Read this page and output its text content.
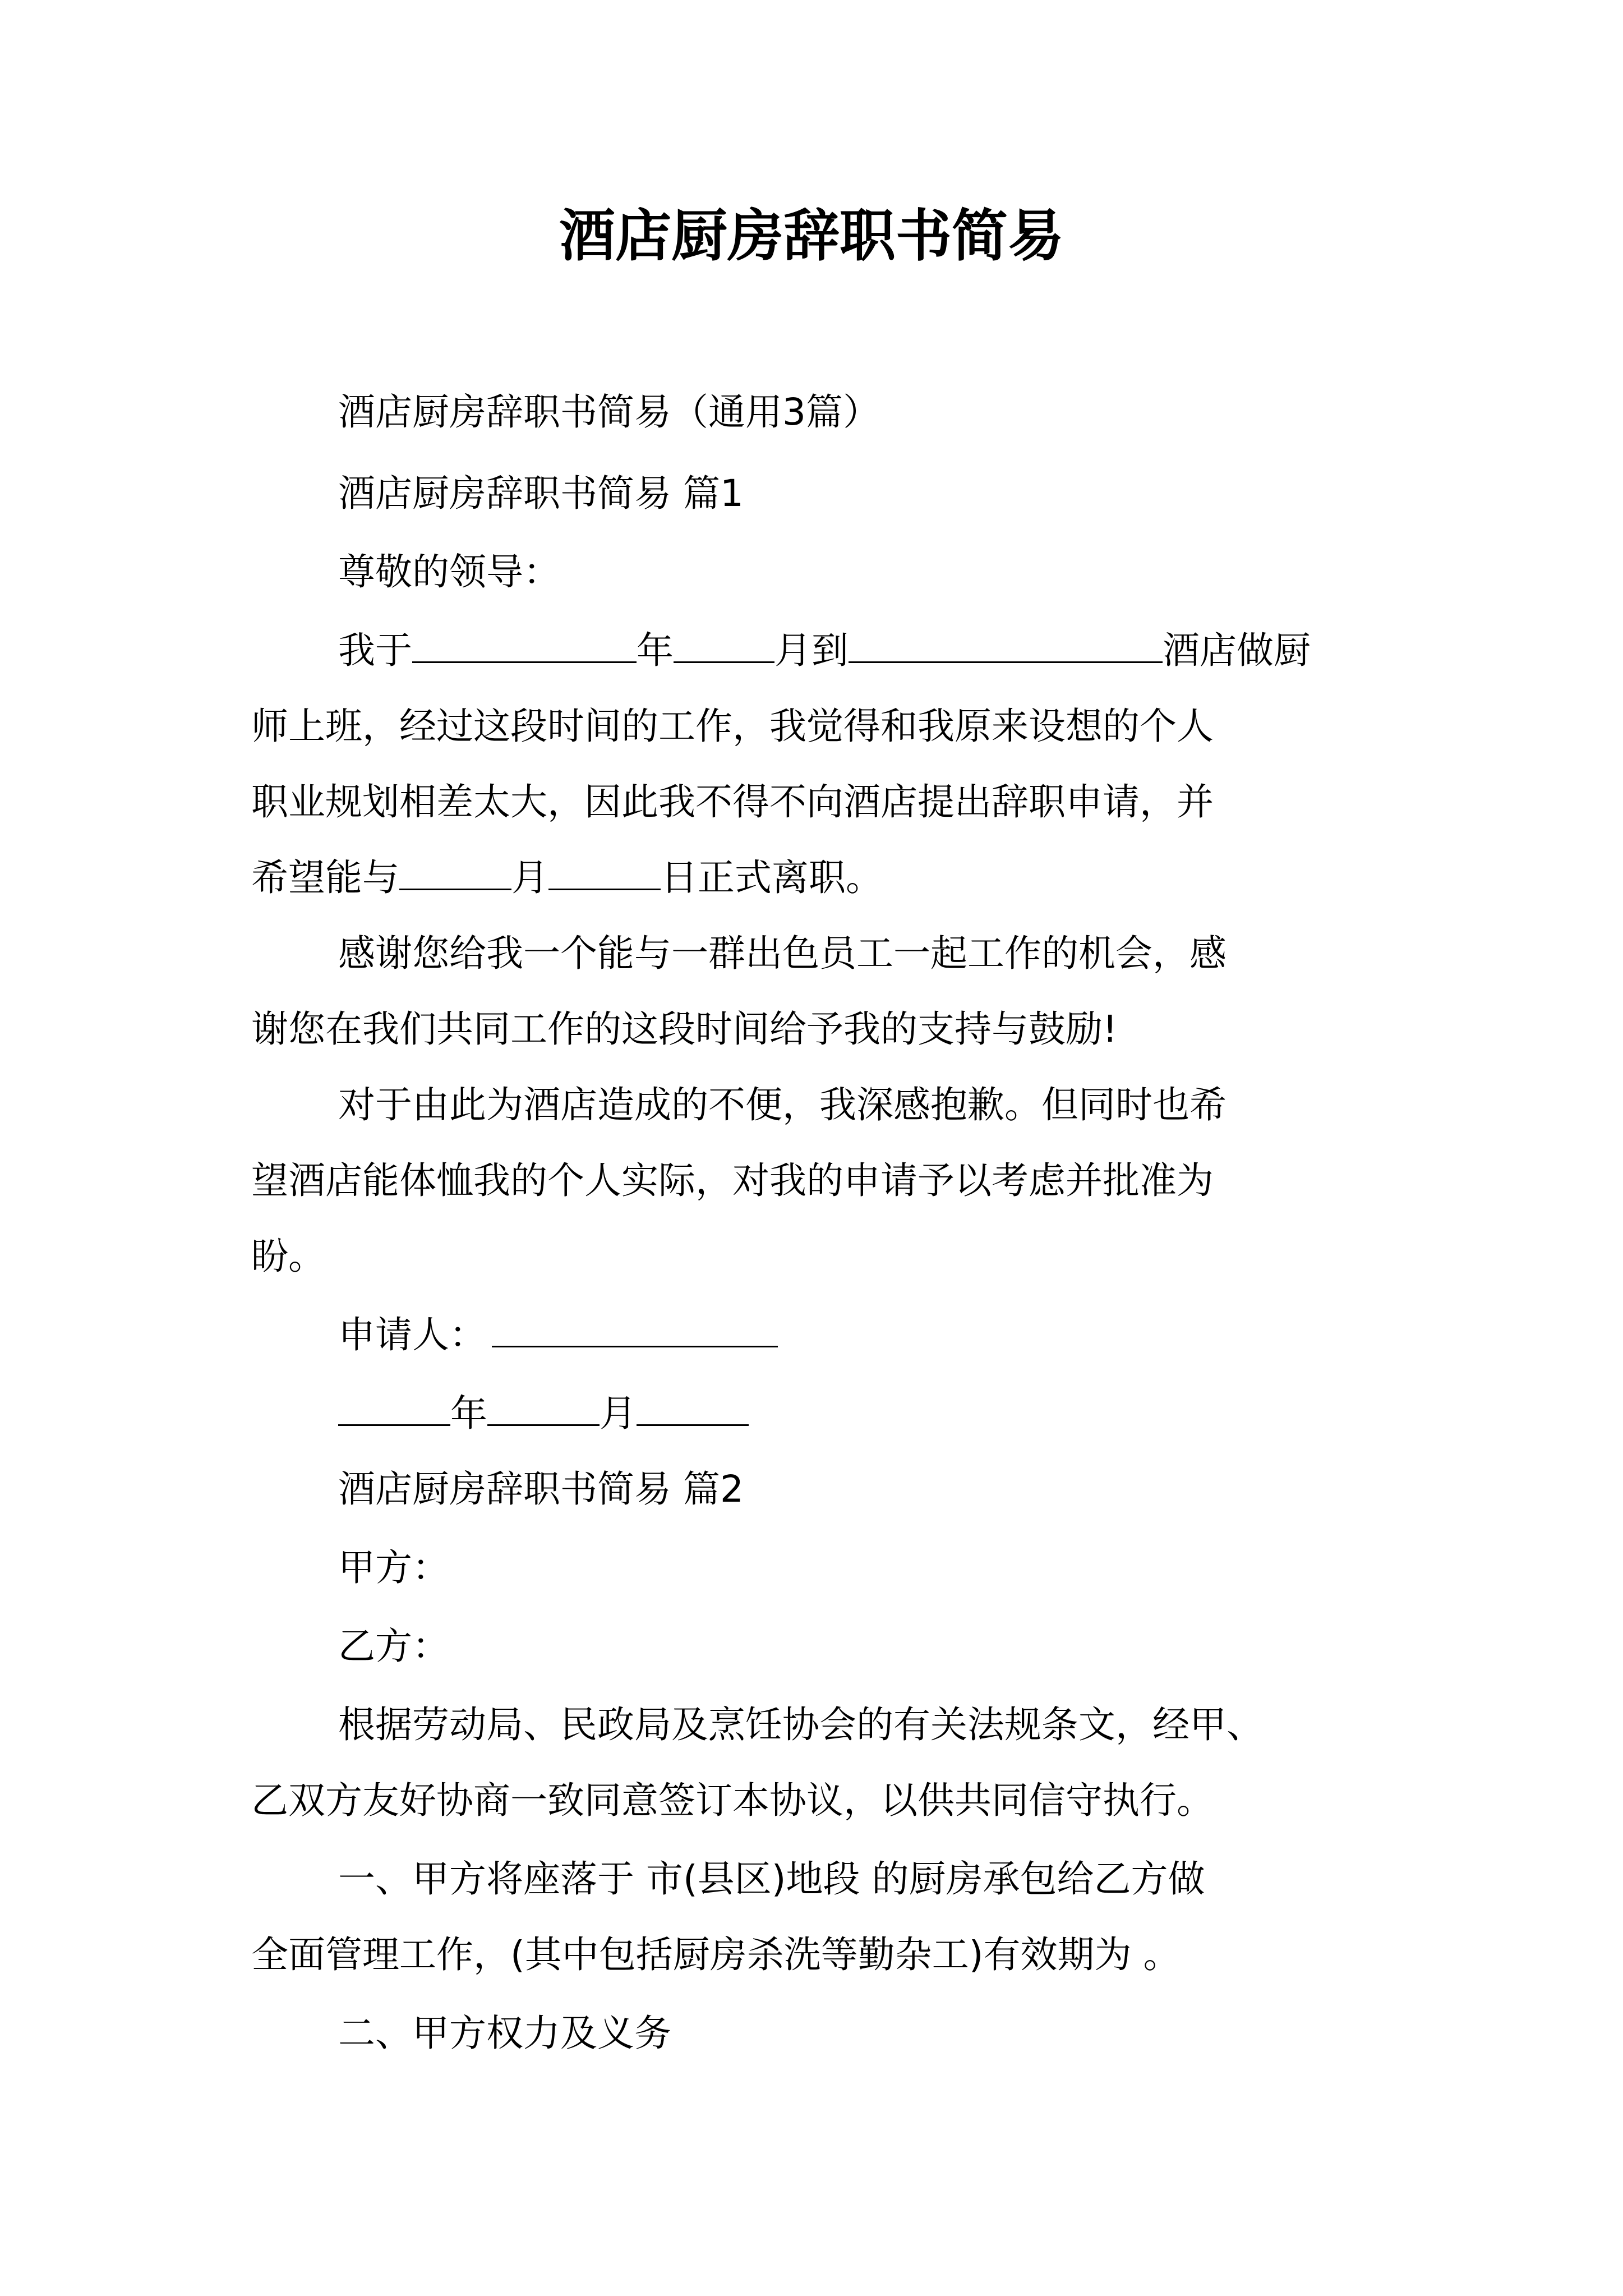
酒店厨房辞职书简易
酒店厨房辞职书简易（通用3篇）
酒店厨房辞职书简易 篇1
尊敬的领导：
我于	年	月到	酒店做厨
师上班，经过这段时间的工作，我觉得和我原来设想的个人
职业规划相差太大，因此我不得不向酒店提出辞职申请，并
希望能与	月	日正式离职。
感谢您给我一个能与一群出色员工一起工作的机会，感
谢您在我们共同工作的这段时间给予我的支持与鼓励!
对于由此为酒店造成的不便，我深感抱歉。但同时也希
望酒店能体恤我的个人实际，对我的申请予以考虑并批准为
盼。
申请人：
年	月
酒店厨房辞职书简易 篇2
甲方：
乙方：
根据劳动局、民政局及烹饪协会的有关法规条文，经甲、
乙双方友好协商一致同意签订本协议，以供共同信守执行。
一、甲方将座落于 市(县区)地段 的厨房承包给乙方做
全面管理工作，(其中包括厨房杀洗等勤杂工)有效期为 。
二、甲方权力及义务
